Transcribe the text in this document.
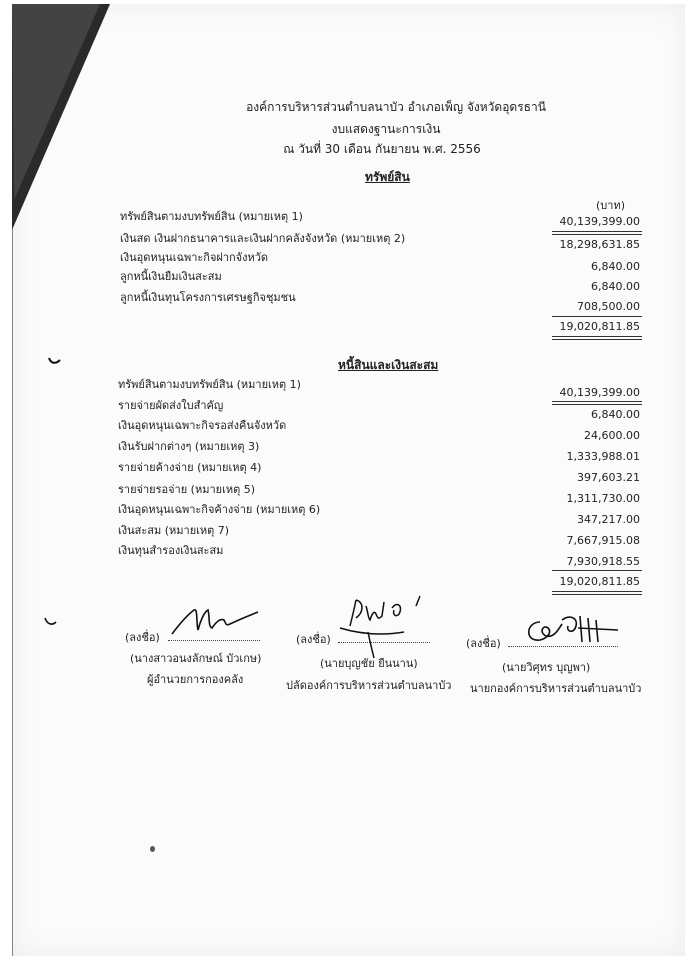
องค์การบริหารส่วนตำบลนาบัว อำเภอเพ็ญ จังหวัดอุดรธานี
งบแสดงฐานะการเงิน
ณ วันที่ 30 เดือน กันยายน พ.ศ. 2556
ทรัพย์สิน
(บาท)
ทรัพย์สินตามงบทรัพย์สิน (หมายเหตุ 1)	40,139,399.00
เงินสด เงินฝากธนาคารและเงินฝากคลังจังหวัด (หมายเหตุ 2)	18,298,631.85
เงินอุดหนุนเฉพาะกิจฝากจังหวัด
6,840.00
ลูกหนี้เงินยืมเงินสะสม
6,840.00
ลูกหนี้เงินทุนโครงการเศรษฐกิจชุมชน
708,500.00
19,020,811.85
หนี้สินและเงินสะสม
ทรัพย์สินตามงบทรัพย์สิน (หมายเหตุ 1)
40,139,399.00
รายจ่ายผัดส่งใบสำคัญ
6,840.00
เงินอุดหนุนเฉพาะกิจรอส่งคืนจังหวัด
24,600.00
เงินรับฝากต่างๆ (หมายเหตุ 3)
1,333,988.01
รายจ่ายค้างจ่าย (หมายเหตุ 4)
397,603.21
รายจ่ายรอจ่าย (หมายเหตุ 5)
1,311,730.00
เงินอุดหนุนเฉพาะกิจค้างจ่าย (หมายเหตุ 6)
347,217.00
เงินสะสม (หมายเหตุ 7)
7,667,915.08
เงินทุนสำรองเงินสะสม
7,930,918.55
19,020,811.85
(ลงชื่อ)
(นางสาวอนงลักษณ์ บัวเกษ)
ผู้อำนวยการกองคลัง
(ลงชื่อ)
(นายบุญชัย ยืนนาน)
ปลัดองค์การบริหารส่วนตำบลนาบัว
(ลงชื่อ)
(นายวิศุทร บุญพา)
นายกองค์การบริหารส่วนตำบลนาบัว
